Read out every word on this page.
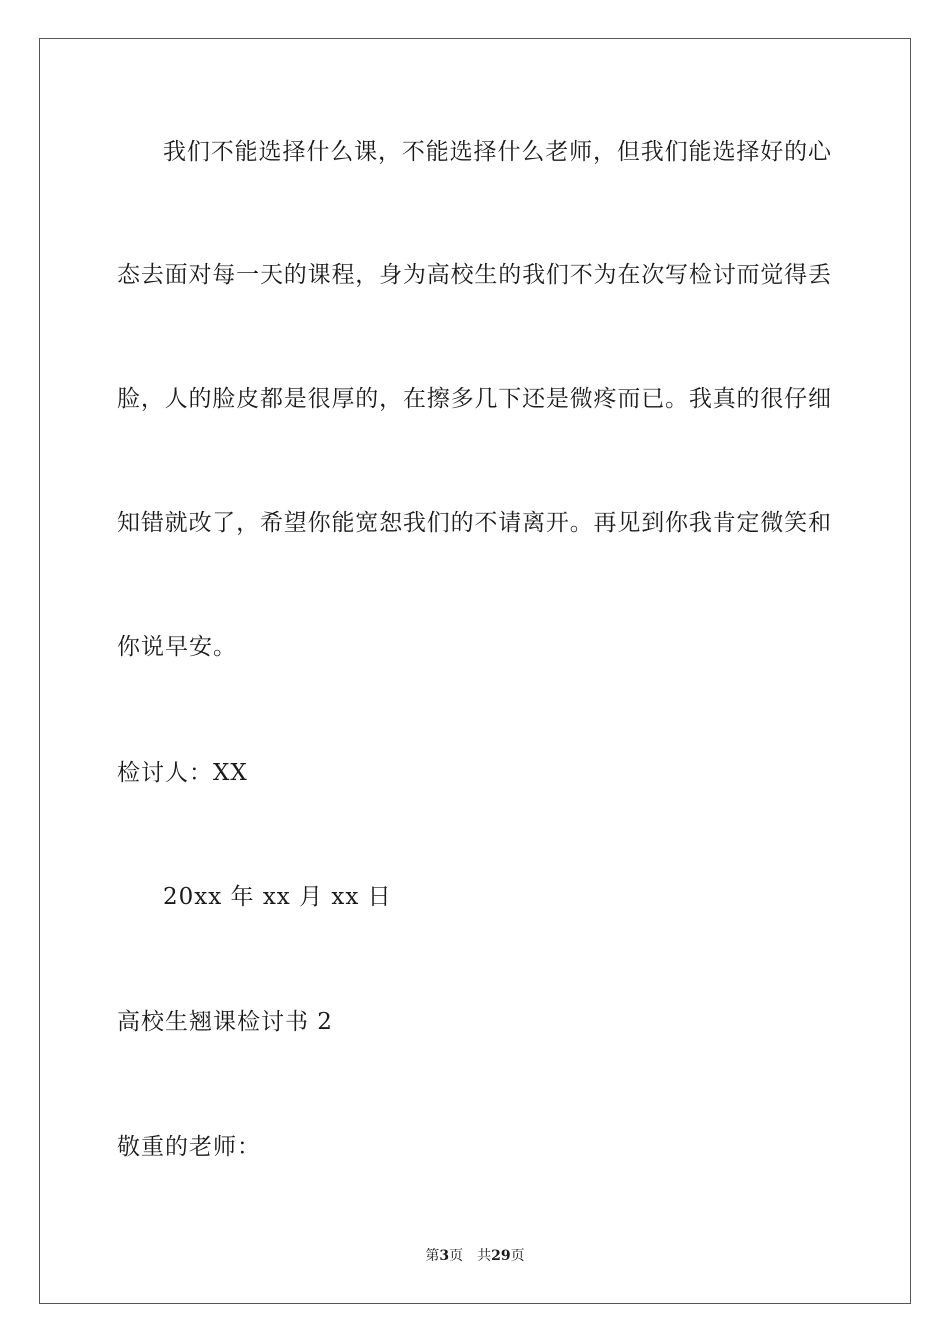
我们不能选择什么课，不能选择什么老师，但我们能选择好的心
态去面对每一天的课程，身为高校生的我们不为在次写检讨而觉得丢
脸，人的脸皮都是很厚的，在擦多几下还是微疼而已。我真的很仔细
知错就改了，希望你能宽恕我们的不请离开。再见到你我肯定微笑和
你说早安。
检讨人：XX
20xx 年 xx 月 xx 日
高校生翘课检讨书 2
敬重的老师：
第3页 共29页
